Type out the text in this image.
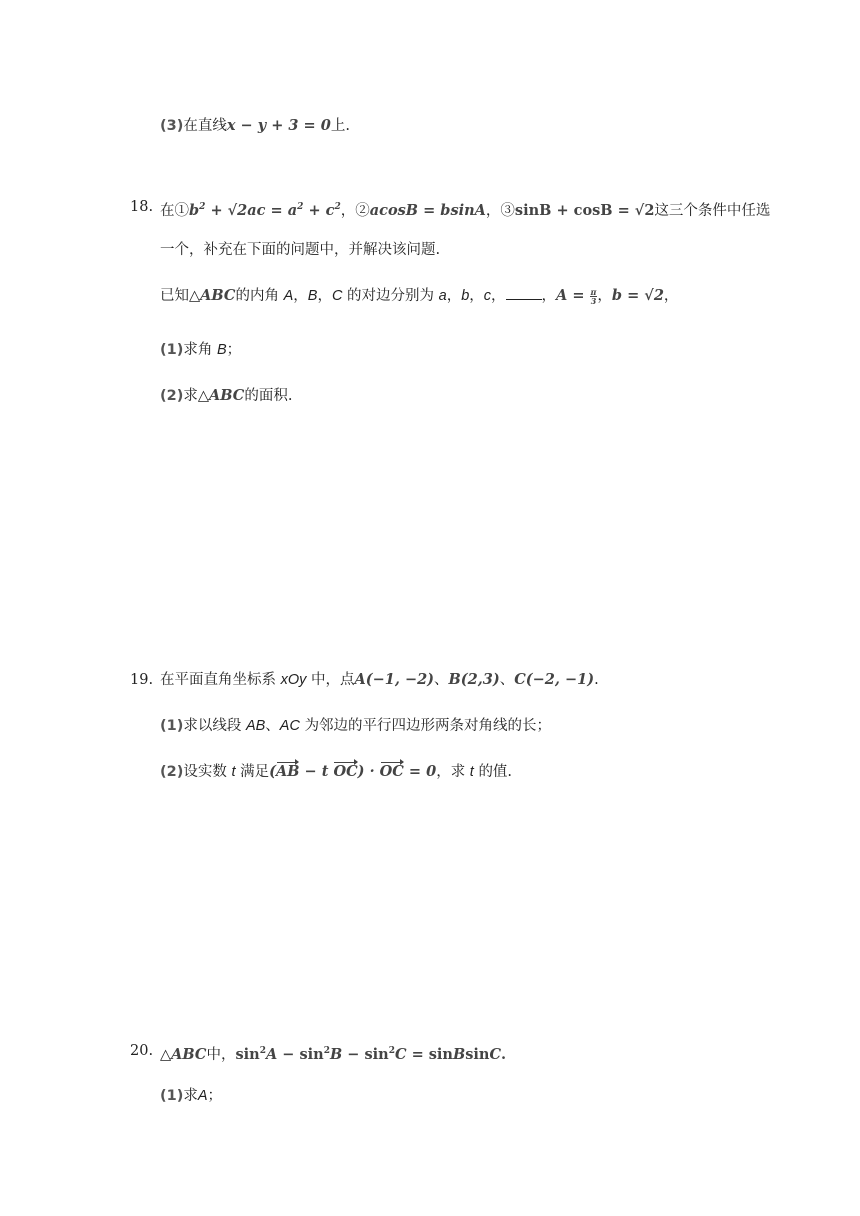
(3)在直线x − y + 3 = 0上.
18. 在$①b^2 + √2ac = a^2 + c^2$，②acosB = bsinA，③sinB + cosB = √2这三个条件中任选
一个，补充在下面的问题中，并解决该问题.
已知△ABC的内角 A，B，C 的对边分别为 a，b，c， ，$A = \frac{\pi}{3}$ ，b = √2，
(1)求角 B；
(2)求△ABC的面积.
19. 在平面直角坐标系 xOy 中，点A(−1, −2)、B(2,3)、C(−2, −1).
(1)求以线段 AB、AC 为邻边的平行四边形两条对角线的长；
(2)设实数 t 满足(AB − t OC) · OC = 0，求 t 的值.
20. △ABC中，$\sin^2A - \sin^2B - \sin^2C$ = sinBsinC.
(1)求A；
